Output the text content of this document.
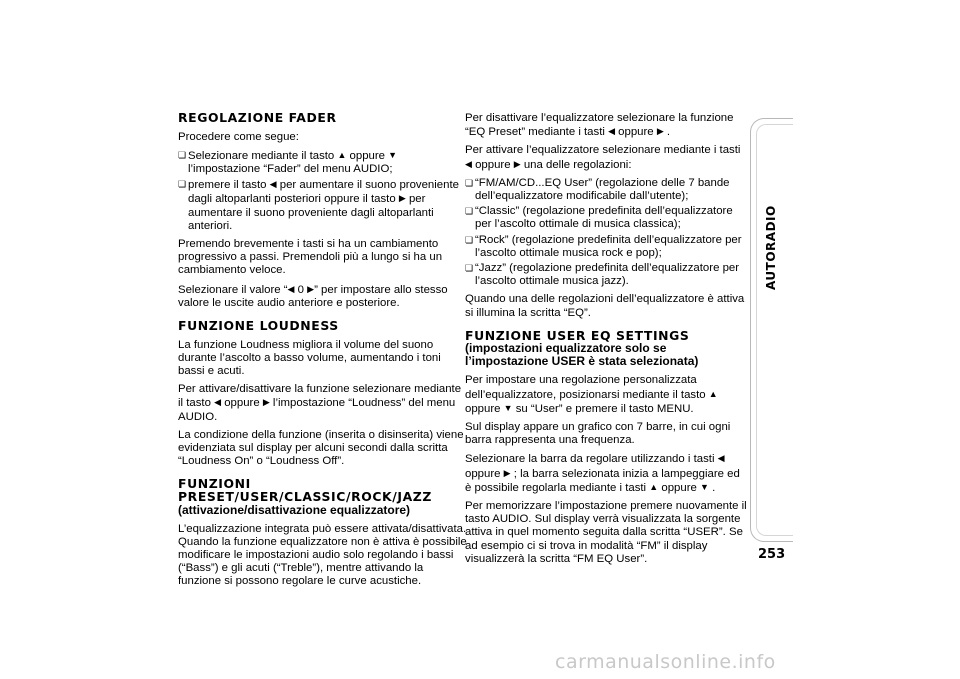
REGOLAZIONE FADER

Procedere come segue:

❏ Selezionare mediante il tasto ▲ oppure ▼ l’impostazione “Fader” del menu AUDIO;
❏ premere il tasto ◀ per aumentare il suono proveniente dagli altoparlanti posteriori oppure il tasto ▶ per aumentare il suono proveniente dagli altoparlanti anteriori.

Premendo brevemente i tasti si ha un cambiamento progressivo a passi. Premendoli più a lungo si ha un cambiamento veloce.

Selezionare il valore “◀ 0 ▶” per impostare allo stesso valore le uscite audio anteriore e posteriore.

FUNZIONE LOUDNESS

La funzione Loudness migliora il volume del suono durante l’ascolto a basso volume, aumentando i toni bassi e acuti.

Per attivare/disattivare la funzione selezionare mediante il tasto ◀ oppure ▶ l’impostazione “Loudness” del menu AUDIO.

La condizione della funzione (inserita o disinserita) viene evidenziata sul display per alcuni secondi dalla scritta “Loudness On” o “Loudness Off”.

FUNZIONI PRESET/USER/CLASSIC/ROCK/JAZZ
(attivazione/disattivazione equalizzatore)

L’equalizzazione integrata può essere attivata/disattivata. Quando la funzione equalizzatore non è attiva è possibile modificare le impostazioni audio solo regolando i bassi (“Bass”) e gli acuti (“Treble”), mentre attivando la funzione si possono regolare le curve acustiche.

Per disattivare l’equalizzatore selezionare la funzione “EQ Preset” mediante i tasti ◀ oppure ▶ .

Per attivare l’equalizzatore selezionare mediante i tasti ◀ oppure ▶ una delle regolazioni:

❏ “FM/AM/CD...EQ User” (regolazione delle 7 bande dell’equalizzatore modificabile dall’utente);
❏ “Classic” (regolazione predefinita dell’equalizzatore per l’ascolto ottimale di musica classica);
❏ “Rock” (regolazione predefinita dell’equalizzatore per l’ascolto ottimale musica rock e pop);
❏ “Jazz” (regolazione predefinita dell’equalizzatore per l’ascolto ottimale musica jazz).

Quando una delle regolazioni dell’equalizzatore è attiva si illumina la scritta “EQ”.

FUNZIONE USER EQ SETTINGS
(impostazioni equalizzatore solo se l’impostazione USER è stata selezionata)

Per impostare una regolazione personalizzata dell’equalizzatore, posizionarsi mediante il tasto ▲ oppure ▼ su “User” e premere il tasto MENU.

Sul display appare un grafico con 7 barre, in cui ogni barra rappresenta una frequenza.

Selezionare la barra da regolare utilizzando i tasti ◀ oppure ▶ ; la barra selezionata inizia a lampeggiare ed è possibile regolarla mediante i tasti ▲ oppure ▼ .

Per memorizzare l’impostazione premere nuovamente il tasto AUDIO. Sul display verrà visualizzata la sorgente attiva in quel momento seguita dalla scritta “USER”. Se ad esempio ci si trova in modalità “FM” il display visualizzerà la scritta “FM EQ User”.

AUTORADIO
253
carmanualsonline.info
